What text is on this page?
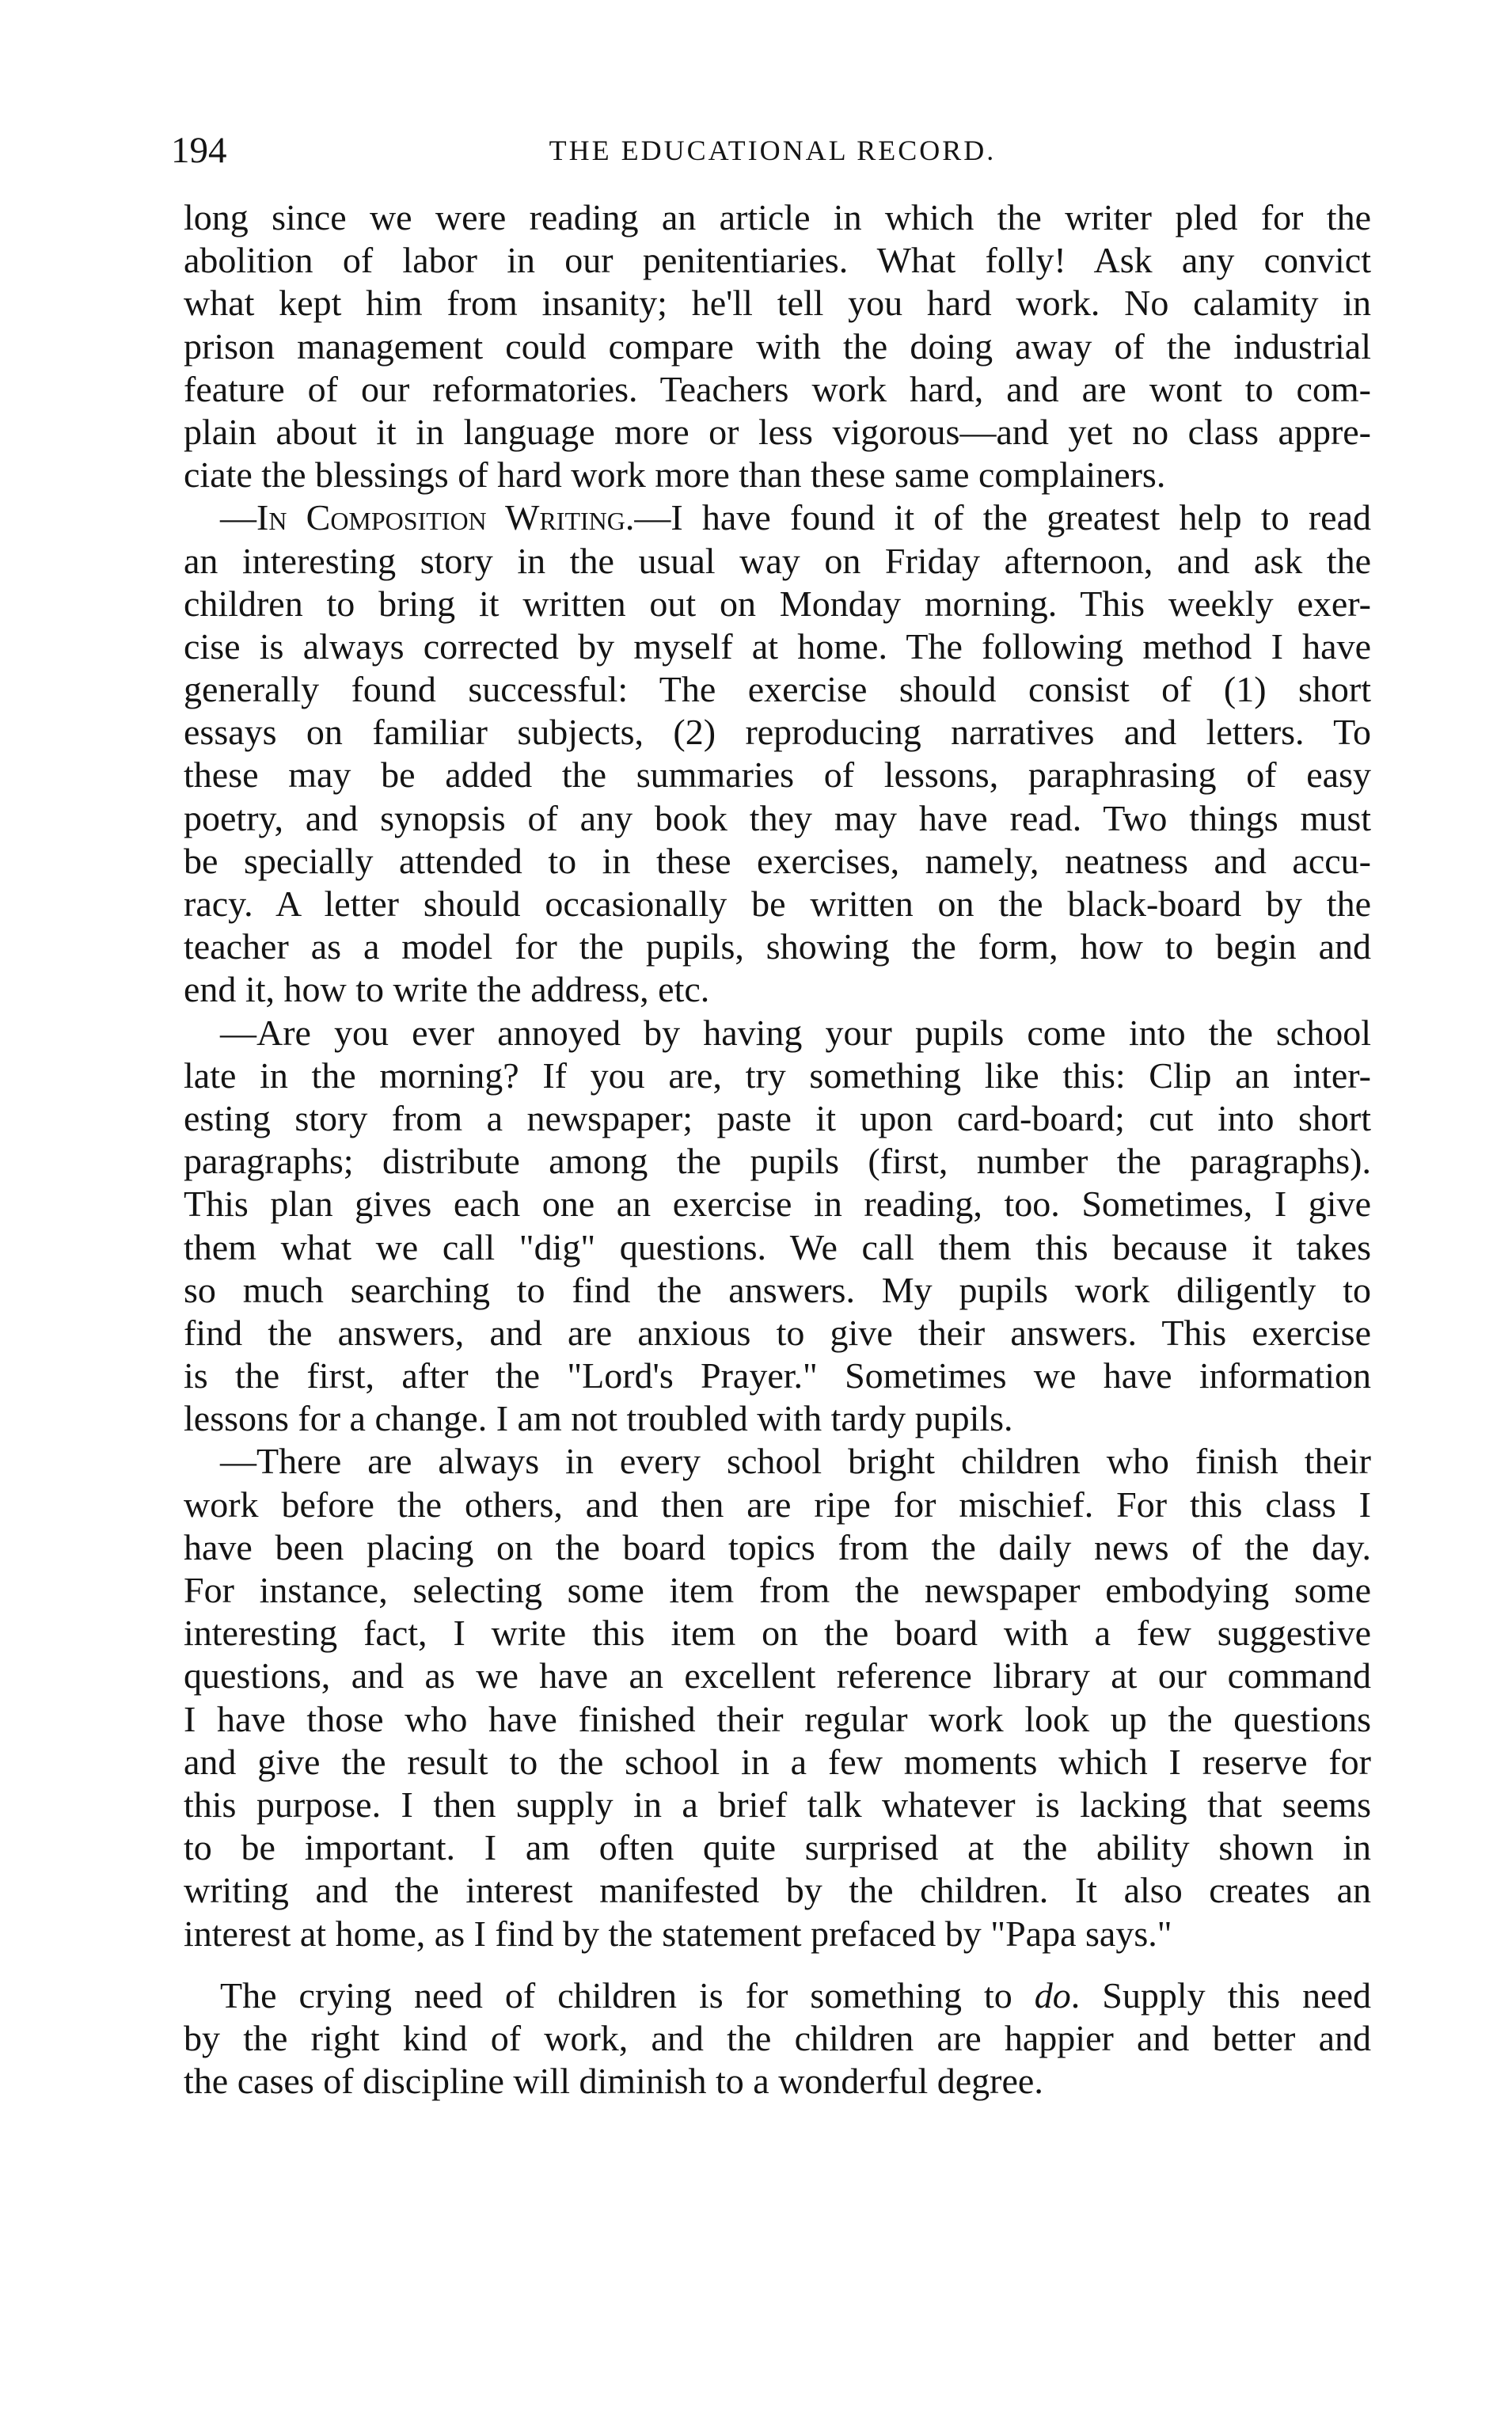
194	THE EDUCATIONAL RECORD.
long since we were reading an article in which the writer pled for the
abolition of labor in our penitentiaries. What folly! Ask any convict
what kept him from insanity; he'll tell you hard work. No calamity in
prison management could compare with the doing away of the industrial
feature of our reformatories. Teachers work hard, and are wont to com-
plain about it in language more or less vigorous—and yet no class appre-
ciate the blessings of hard work more than these same complainers.
—In Composition Writing.—I have found it of the greatest help to read
an interesting story in the usual way on Friday afternoon, and ask the
children to bring it written out on Monday morning. This weekly exer-
cise is always corrected by myself at home. The following method I have
generally found successful: The exercise should consist of (1) short
essays on familiar subjects, (2) reproducing narratives and letters. To
these may be added the summaries of lessons, paraphrasing of easy
poetry, and synopsis of any book they may have read. Two things must
be specially attended to in these exercises, namely, neatness and accu-
racy. A letter should occasionally be written on the black-board by the
teacher as a model for the pupils, showing the form, how to begin and
end it, how to write the address, etc.
—Are you ever annoyed by having your pupils come into the school
late in the morning? If you are, try something like this: Clip an inter-
esting story from a newspaper; paste it upon card-board; cut into short
paragraphs; distribute among the pupils (first, number the paragraphs).
This plan gives each one an exercise in reading, too. Sometimes, I give
them what we call "dig" questions. We call them this because it takes
so much searching to find the answers. My pupils work diligently to
find the answers, and are anxious to give their answers. This exercise
is the first, after the "Lord's Prayer." Sometimes we have information
lessons for a change. I am not troubled with tardy pupils.
—There are always in every school bright children who finish their
work before the others, and then are ripe for mischief. For this class I
have been placing on the board topics from the daily news of the day.
For instance, selecting some item from the newspaper embodying some
interesting fact, I write this item on the board with a few suggestive
questions, and as we have an excellent reference library at our command
I have those who have finished their regular work look up the questions
and give the result to the school in a few moments which I reserve for
this purpose. I then supply in a brief talk whatever is lacking that seems
to be important. I am often quite surprised at the ability shown in
writing and the interest manifested by the children. It also creates an
interest at home, as I find by the statement prefaced by "Papa says."
The crying need of children is for something to do. Supply this need
by the right kind of work, and the children are happier and better and
the cases of discipline will diminish to a wonderful degree.
